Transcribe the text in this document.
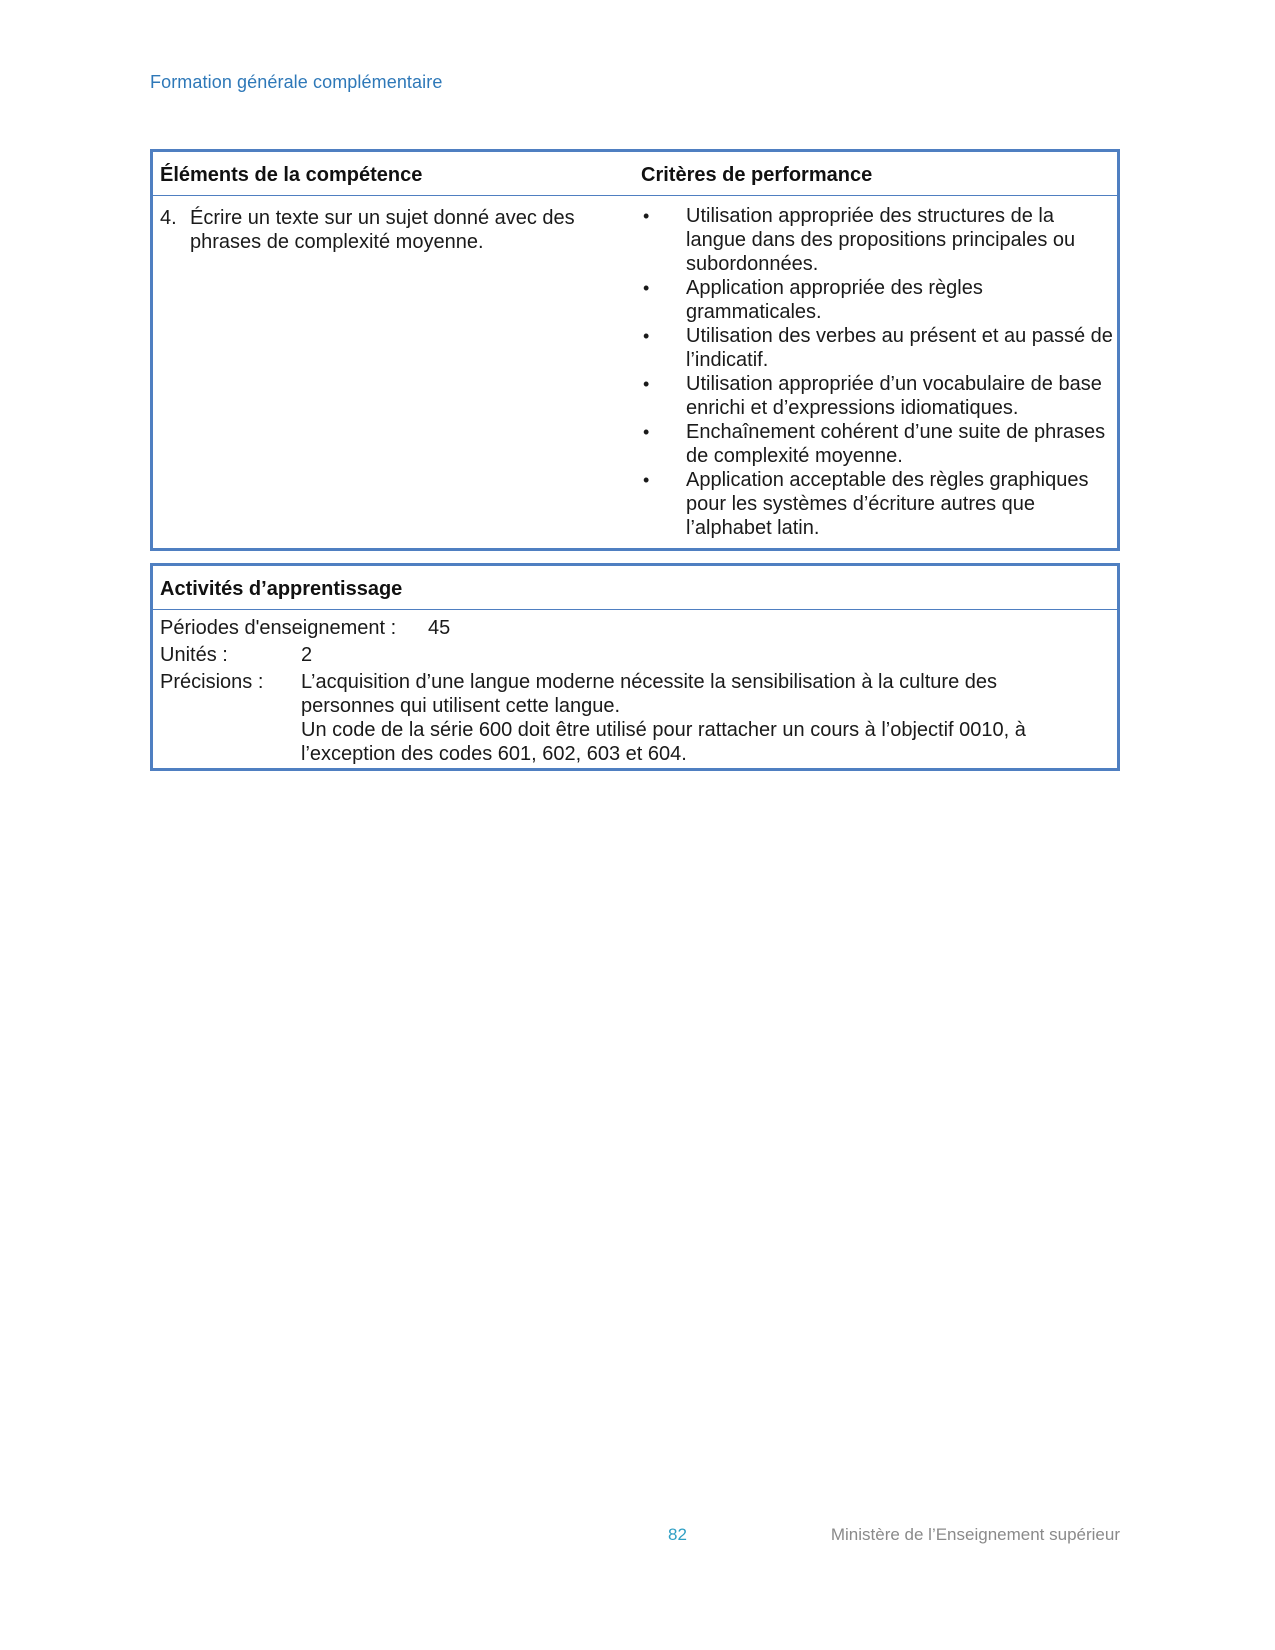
Formation générale complémentaire
Éléments de la compétence	Critères de performance
4. Écrire un texte sur un sujet donné avec des phrases de complexité moyenne.
• Utilisation appropriée des structures de la langue dans des propositions principales ou subordonnées.
• Application appropriée des règles grammaticales.
• Utilisation des verbes au présent et au passé de l’indicatif.
• Utilisation appropriée d’un vocabulaire de base enrichi et d’expressions idiomatiques.
• Enchaînement cohérent d’une suite de phrases de complexité moyenne.
• Application acceptable des règles graphiques pour les systèmes d’écriture autres que l’alphabet latin.
Activités d’apprentissage
Périodes d'enseignement : 45
Unités :	2
Précisions : L’acquisition d’une langue moderne nécessite la sensibilisation à la culture des personnes qui utilisent cette langue.

Un code de la série 600 doit être utilisé pour rattacher un cours à l’objectif 0010, à l’exception des codes 601, 602, 603 et 604.

82	Ministère de l’Enseignement supérieur
